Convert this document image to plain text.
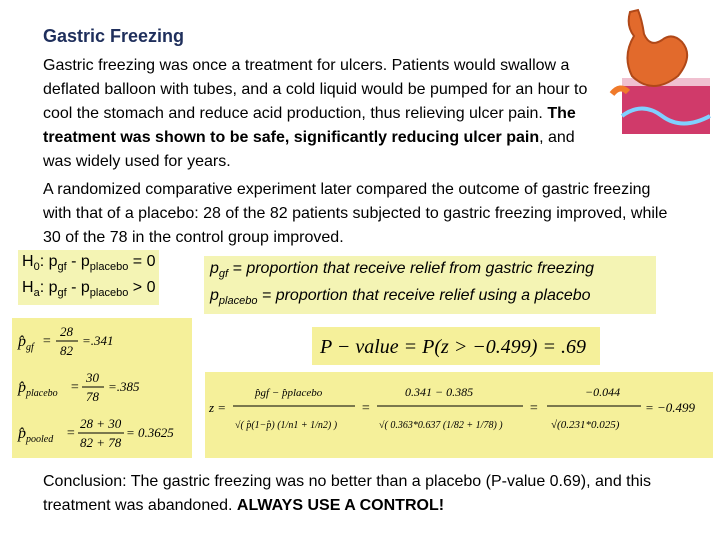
Gastric Freezing
Gastric freezing was once a treatment for ulcers. Patients would swallow a deflated balloon with tubes, and a cold liquid would be pumped for an hour to cool the stomach and reduce acid production, thus relieving ulcer pain. The treatment was shown to be safe, significantly reducing ulcer pain, and was widely used for years.
A randomized comparative experiment later compared the outcome of gastric freezing with that of a placebo: 28 of the 82 patients subjected to gastric freezing improved, while 30 of the 78 in the control group improved.
$H_0$: $p_{gf} - p_{placebo} = 0$
$H_a$: $p_{gf} - p_{placebo} > 0$
$p_{gf}$ = proportion that receive relief from gastric freezing
$p_{placebo}$ = proportion that receive relief using a placebo
$p̂_{gf}$ =
28
82
=.341
$p̂_{placebo}$ =
30
78
=.385
$p̂_{pooled}$ =
28 + 30
82 + 78
= 0.3625
P − value = P(z > −0.499) = .69
z =
p̂gf − p̂placebo
√( p̂(1−p̂) (1/n1 + 1/n2) )
=
0.341 − 0.385
√( 0.363*0.637 (1/82 + 1/78) )
=
−0.044
√(0.231*0.025)
= −0.499
Conclusion: The gastric freezing was no better than a placebo (P-value 0.69), and this treatment was abandoned. ALWAYS USE A CONTROL!
